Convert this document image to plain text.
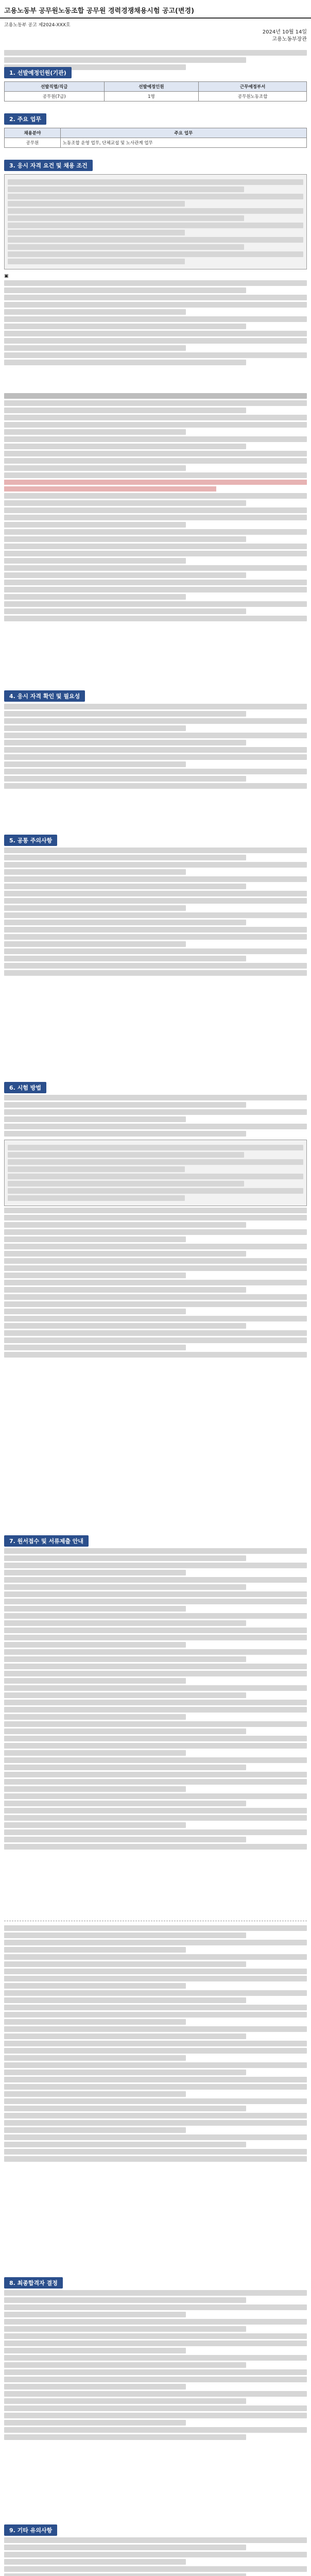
고용노동부 공무원노동조합 공무원 경력경쟁채용시험 공고(변경)
고용노동부 공고 제2024-XXX호
2024년 10월 14일
고용노동부장관
1. 선발예정인원(기관)
선발직렬/직급	선발예정인원	근무예정부서
공무원(7급)	1명	공무원노동조합
2. 주요 업무
채용분야	주요 업무
공무원	노동조합 운영 업무, 단체교섭 및 노사관계 업무
3. 응시 자격 요건 및 채용 조건
▣
4. 응시 자격 확인 및 필요성
5. 공통 주의사항
6. 시험 방법
7. 원서접수 및 서류제출 안내
8. 최종합격자 결정
9. 기타 유의사항
